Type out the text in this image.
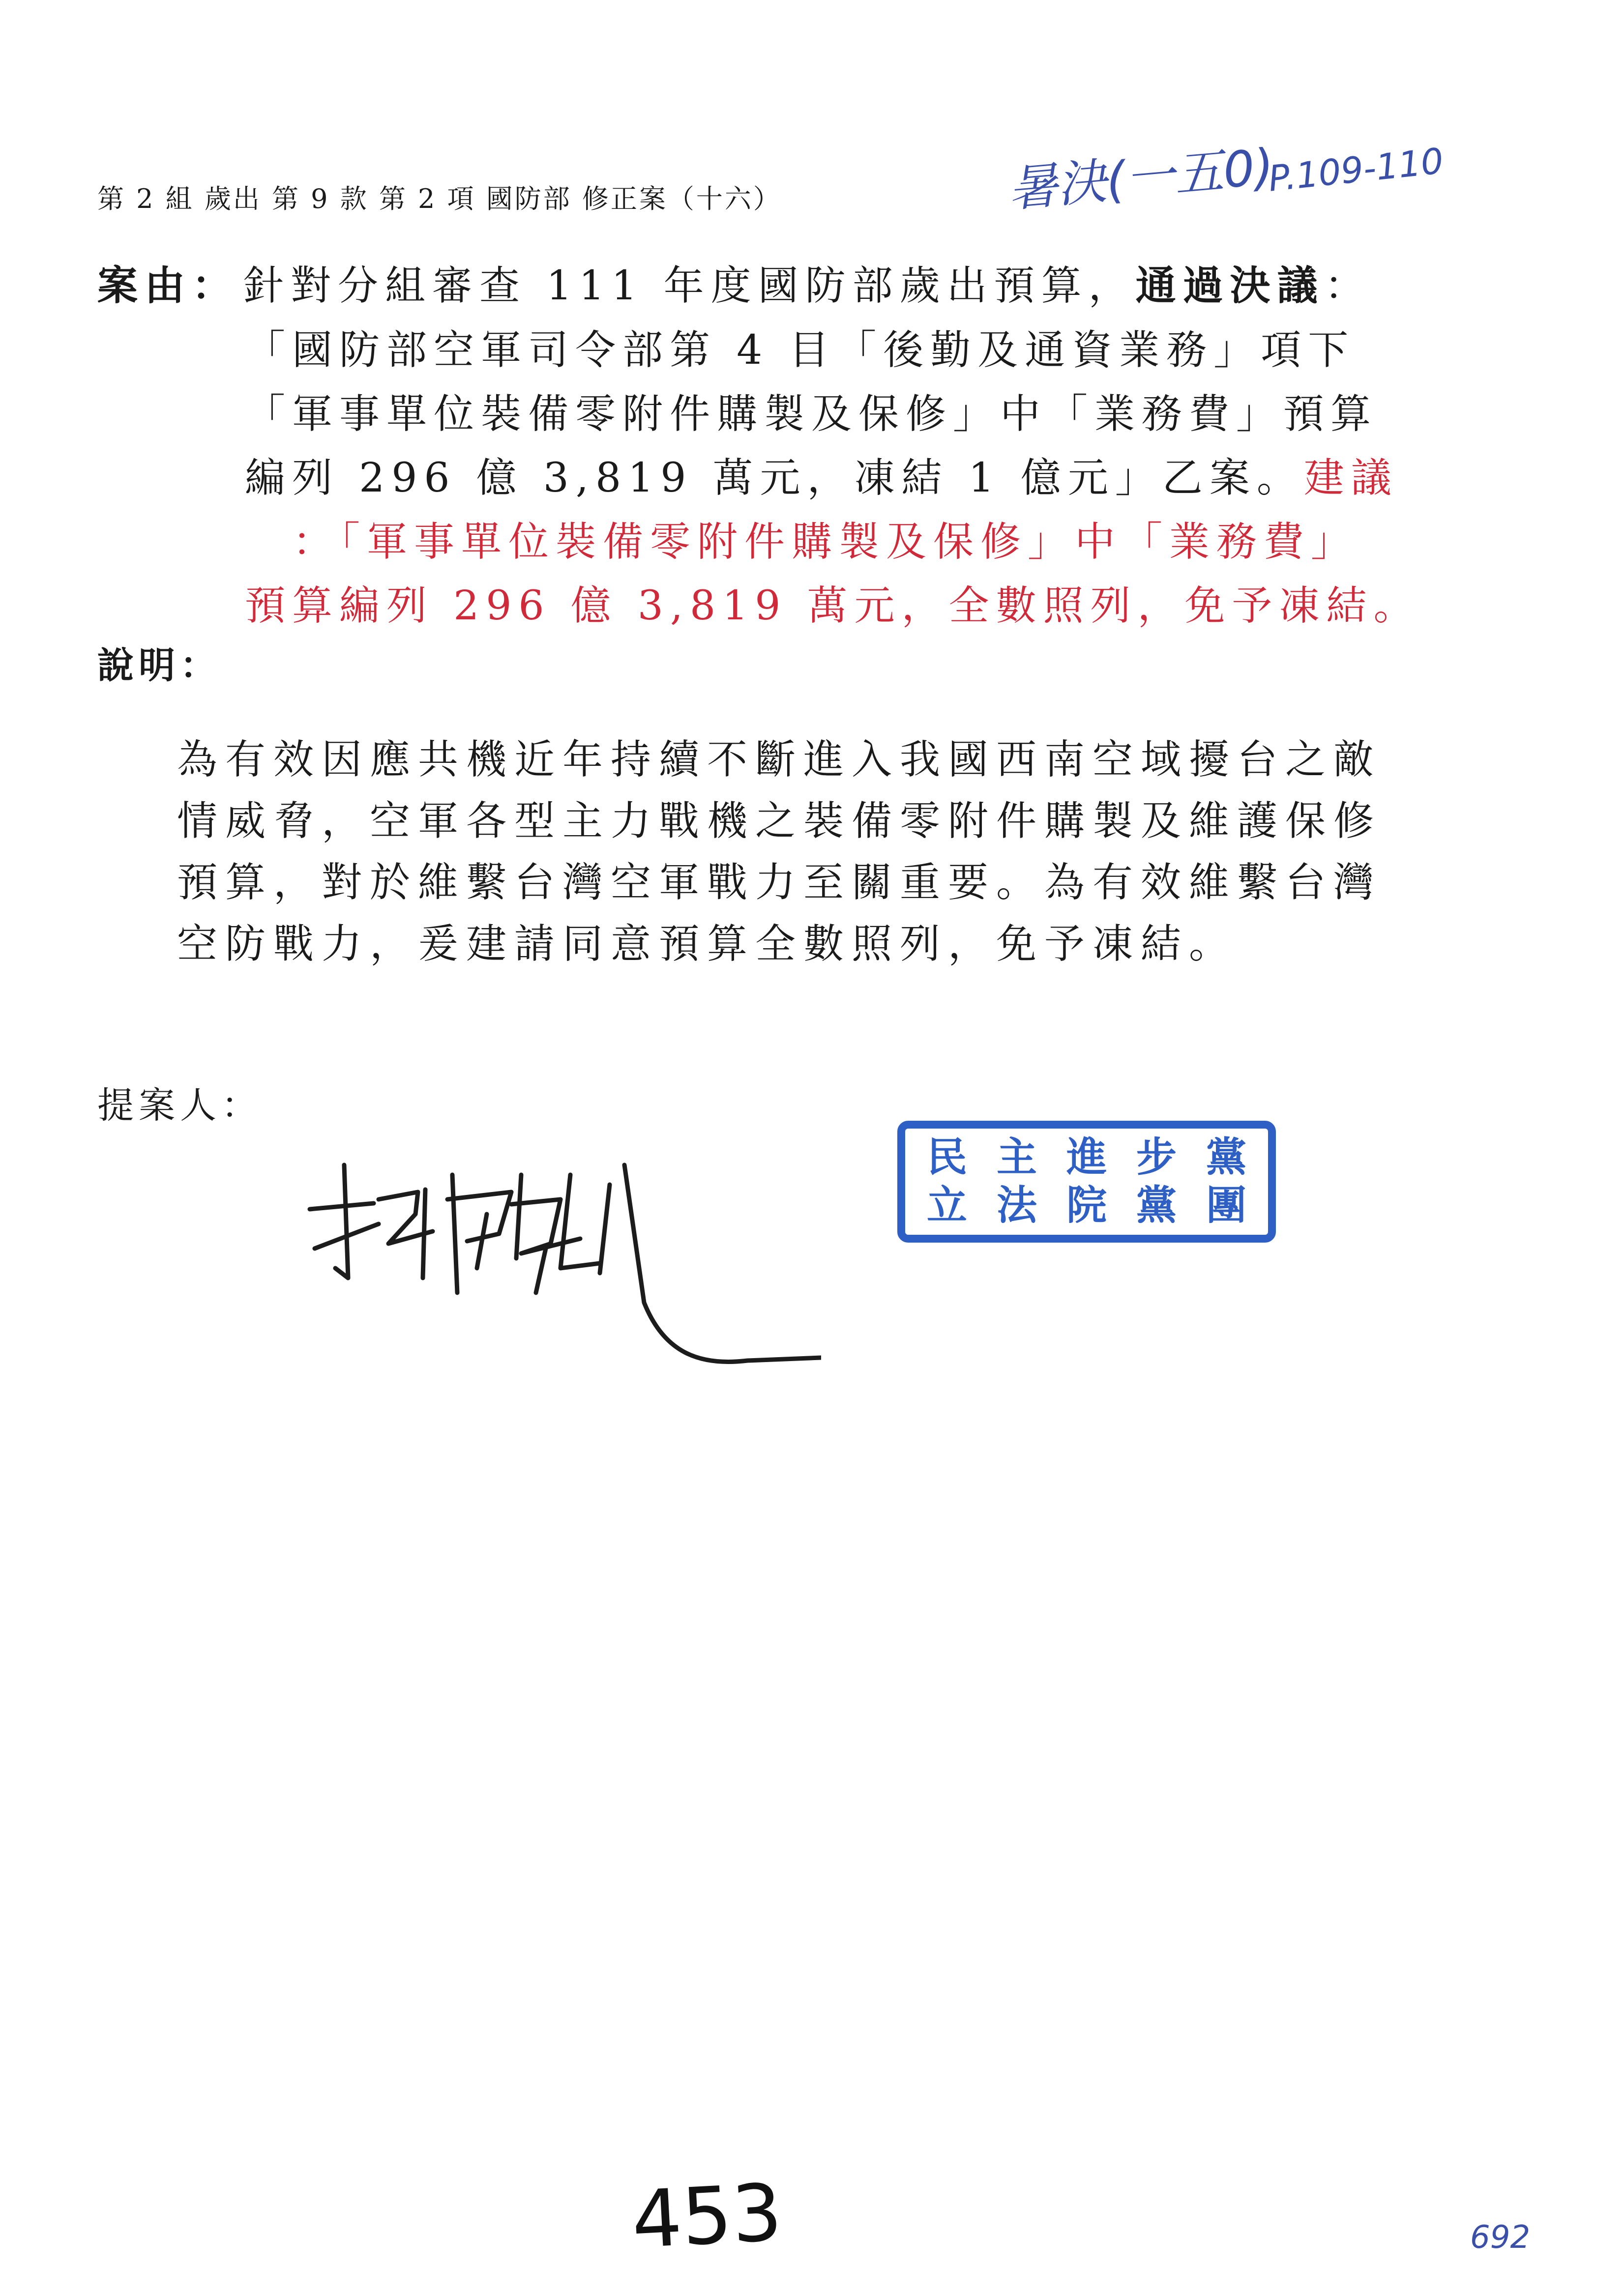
第 2 組 歲出 第 9 款 第 2 項 國防部 修正案（十六）	暑決(一五0)
P.109-110
案由： 針對分組審查 111 年度國防部歲出預算，通過決議：
「國防部空軍司令部第 4 目「後勤及通資業務」項下
「軍事單位裝備零附件購製及保修」中「業務費」預算
編列 296 億 3,819 萬元，凍結 1 億元」乙案。建議
：「軍事單位裝備零附件購製及保修」中「業務費」
預算編列 296 億 3,819 萬元，全數照列，免予凍結。
說明：
為有效因應共機近年持續不斷進入我國西南空域擾台之敵
情威脅，空軍各型主力戰機之裝備零附件購製及維護保修
預算，對於維繫台灣空軍戰力至關重要。為有效維繫台灣
空防戰力，爰建請同意預算全數照列，免予凍結。
提案人：
民 主 進 步 黨
立 法 院 黨 團
453	692
